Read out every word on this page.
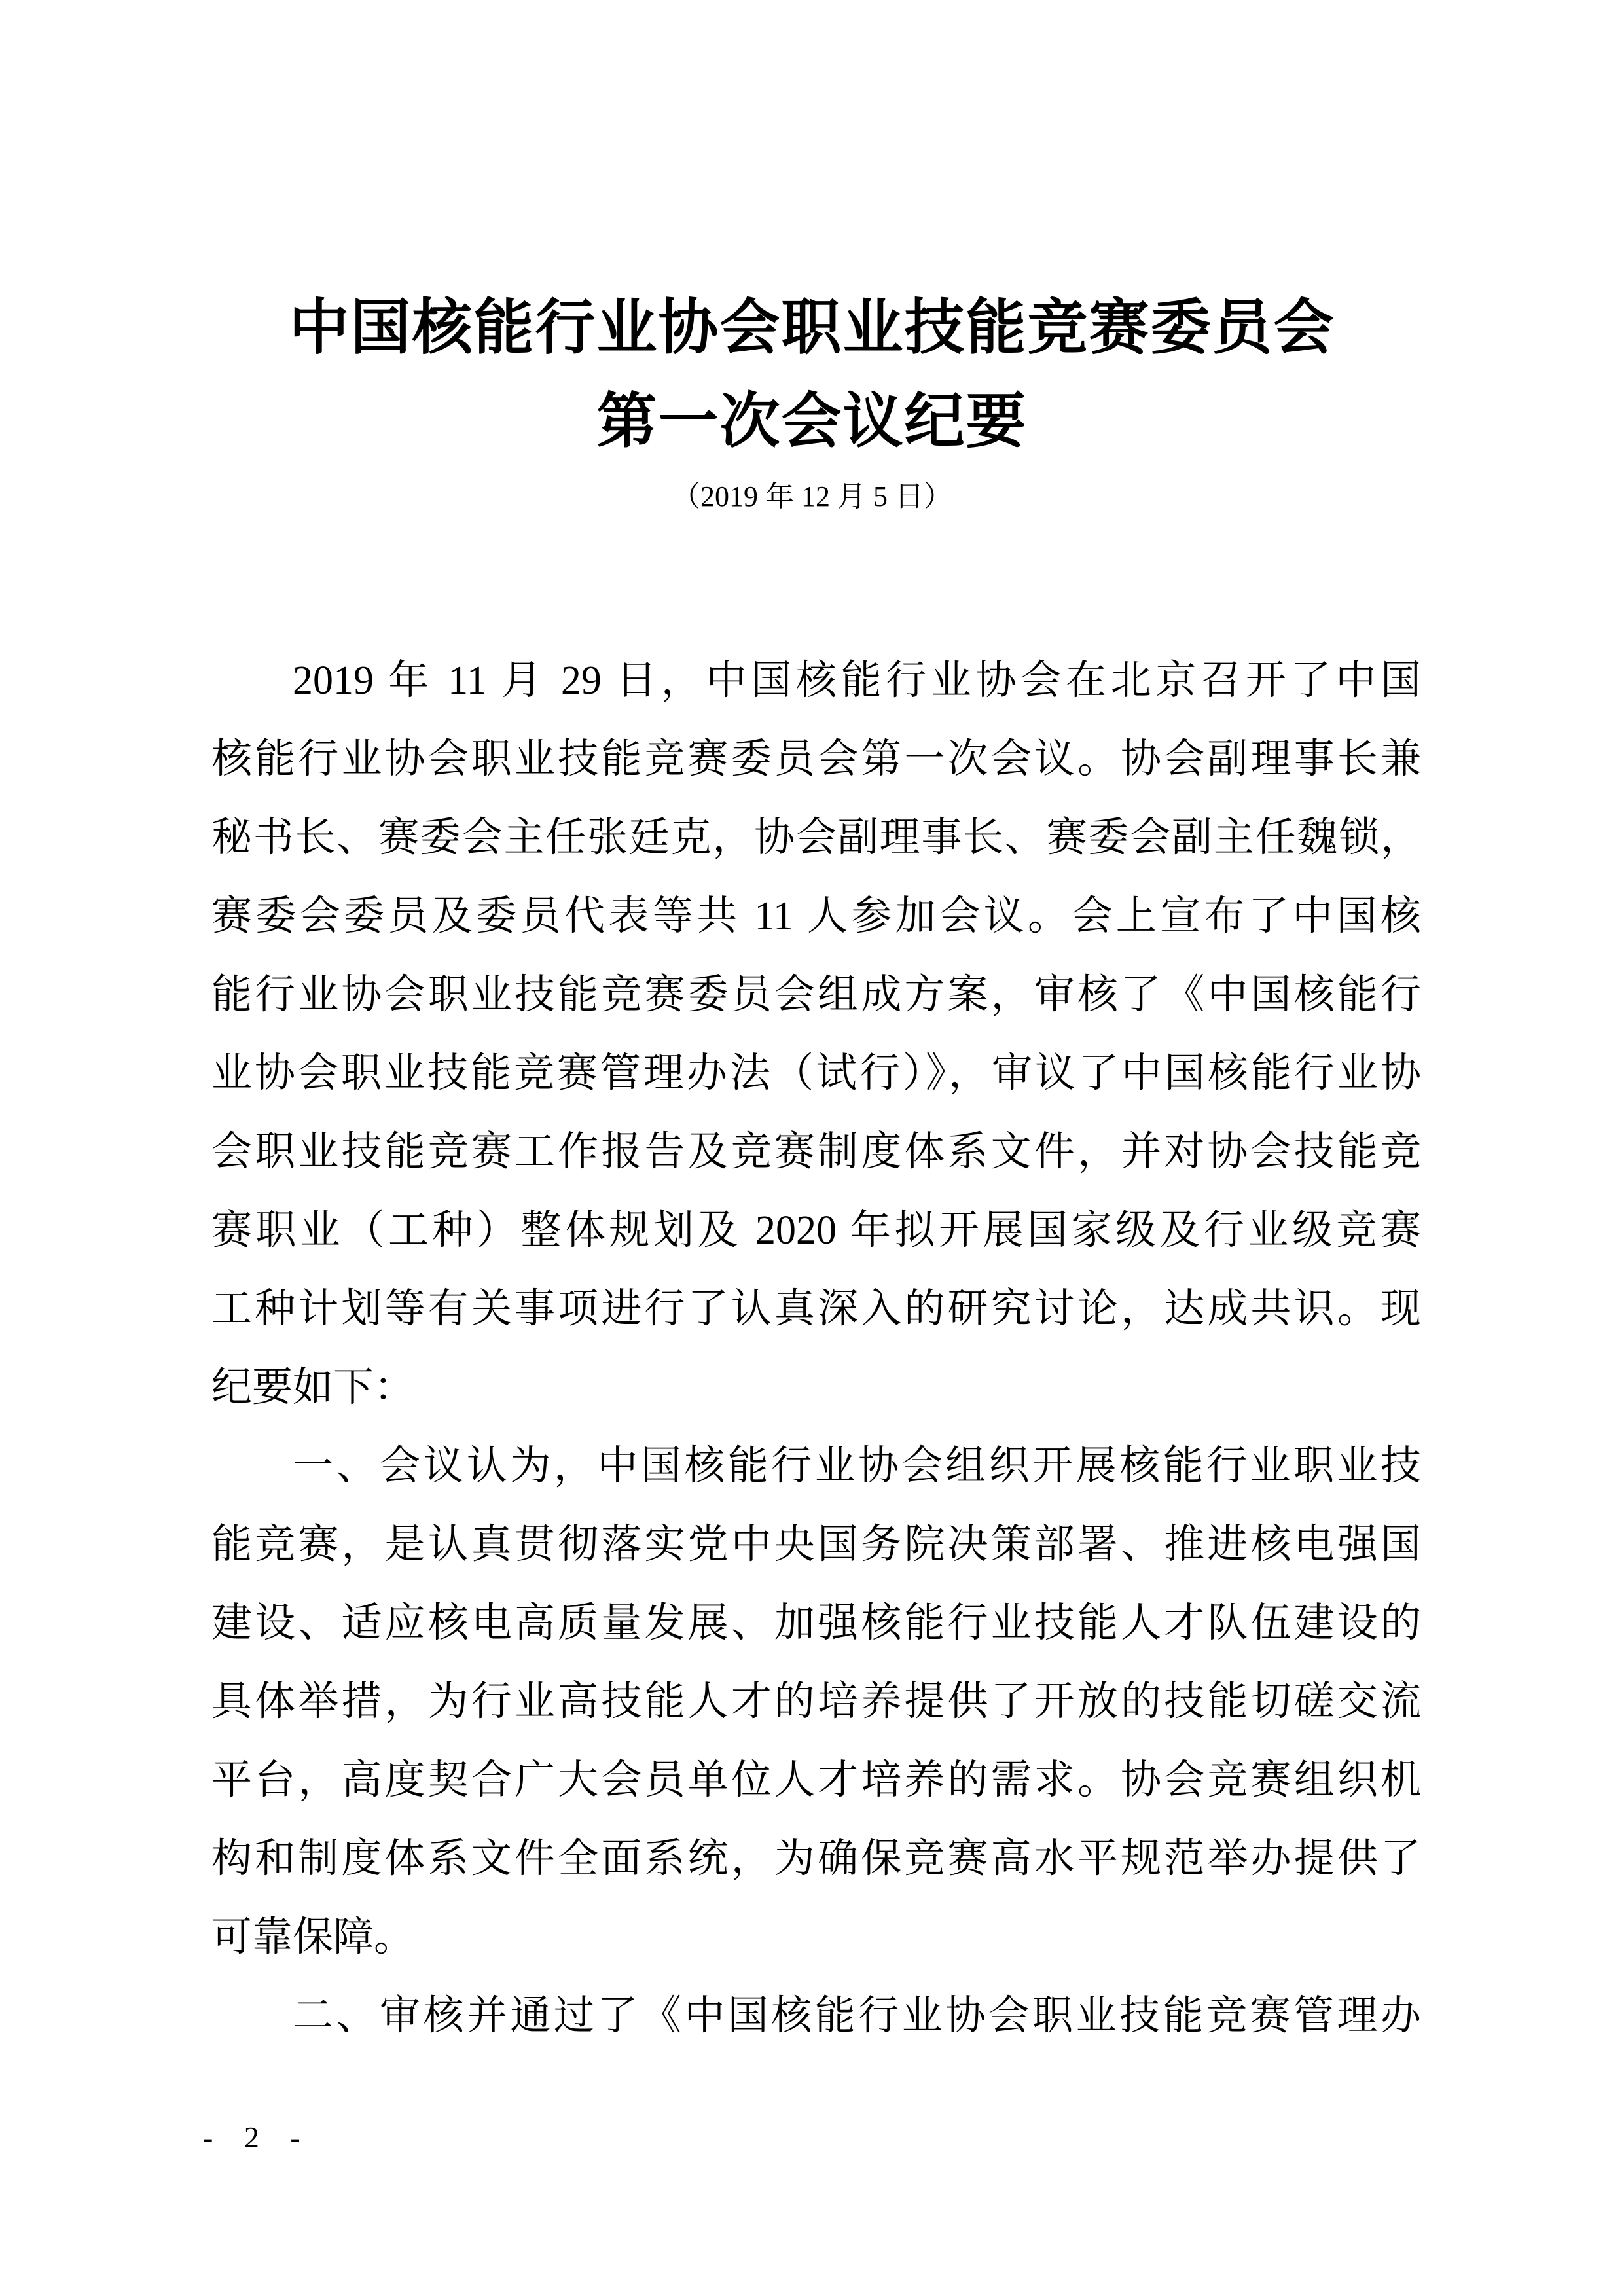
中国核能行业协会职业技能竞赛委员会
第一次会议纪要
（2019 年 12 月 5 日）
2019 年 11 月 29 日，中国核能行业协会在北京召开了中国
核能行业协会职业技能竞赛委员会第一次会议。协会副理事长兼
秘书长、赛委会主任张廷克，协会副理事长、赛委会副主任魏锁，
赛委会委员及委员代表等共 11 人参加会议。会上宣布了中国核
能行业协会职业技能竞赛委员会组成方案，审核了《中国核能行
业协会职业技能竞赛管理办法（试行）》，审议了中国核能行业协
会职业技能竞赛工作报告及竞赛制度体系文件，并对协会技能竞
赛职业（工种）整体规划及 2020 年拟开展国家级及行业级竞赛
工种计划等有关事项进行了认真深入的研究讨论，达成共识。现
纪要如下：
一、会议认为，中国核能行业协会组织开展核能行业职业技
能竞赛，是认真贯彻落实党中央国务院决策部署、推进核电强国
建设、适应核电高质量发展、加强核能行业技能人才队伍建设的
具体举措，为行业高技能人才的培养提供了开放的技能切磋交流
平台，高度契合广大会员单位人才培养的需求。协会竞赛组织机
构和制度体系文件全面系统，为确保竞赛高水平规范举办提供了
可靠保障。
二、审核并通过了《中国核能行业协会职业技能竞赛管理办
- 2 -
